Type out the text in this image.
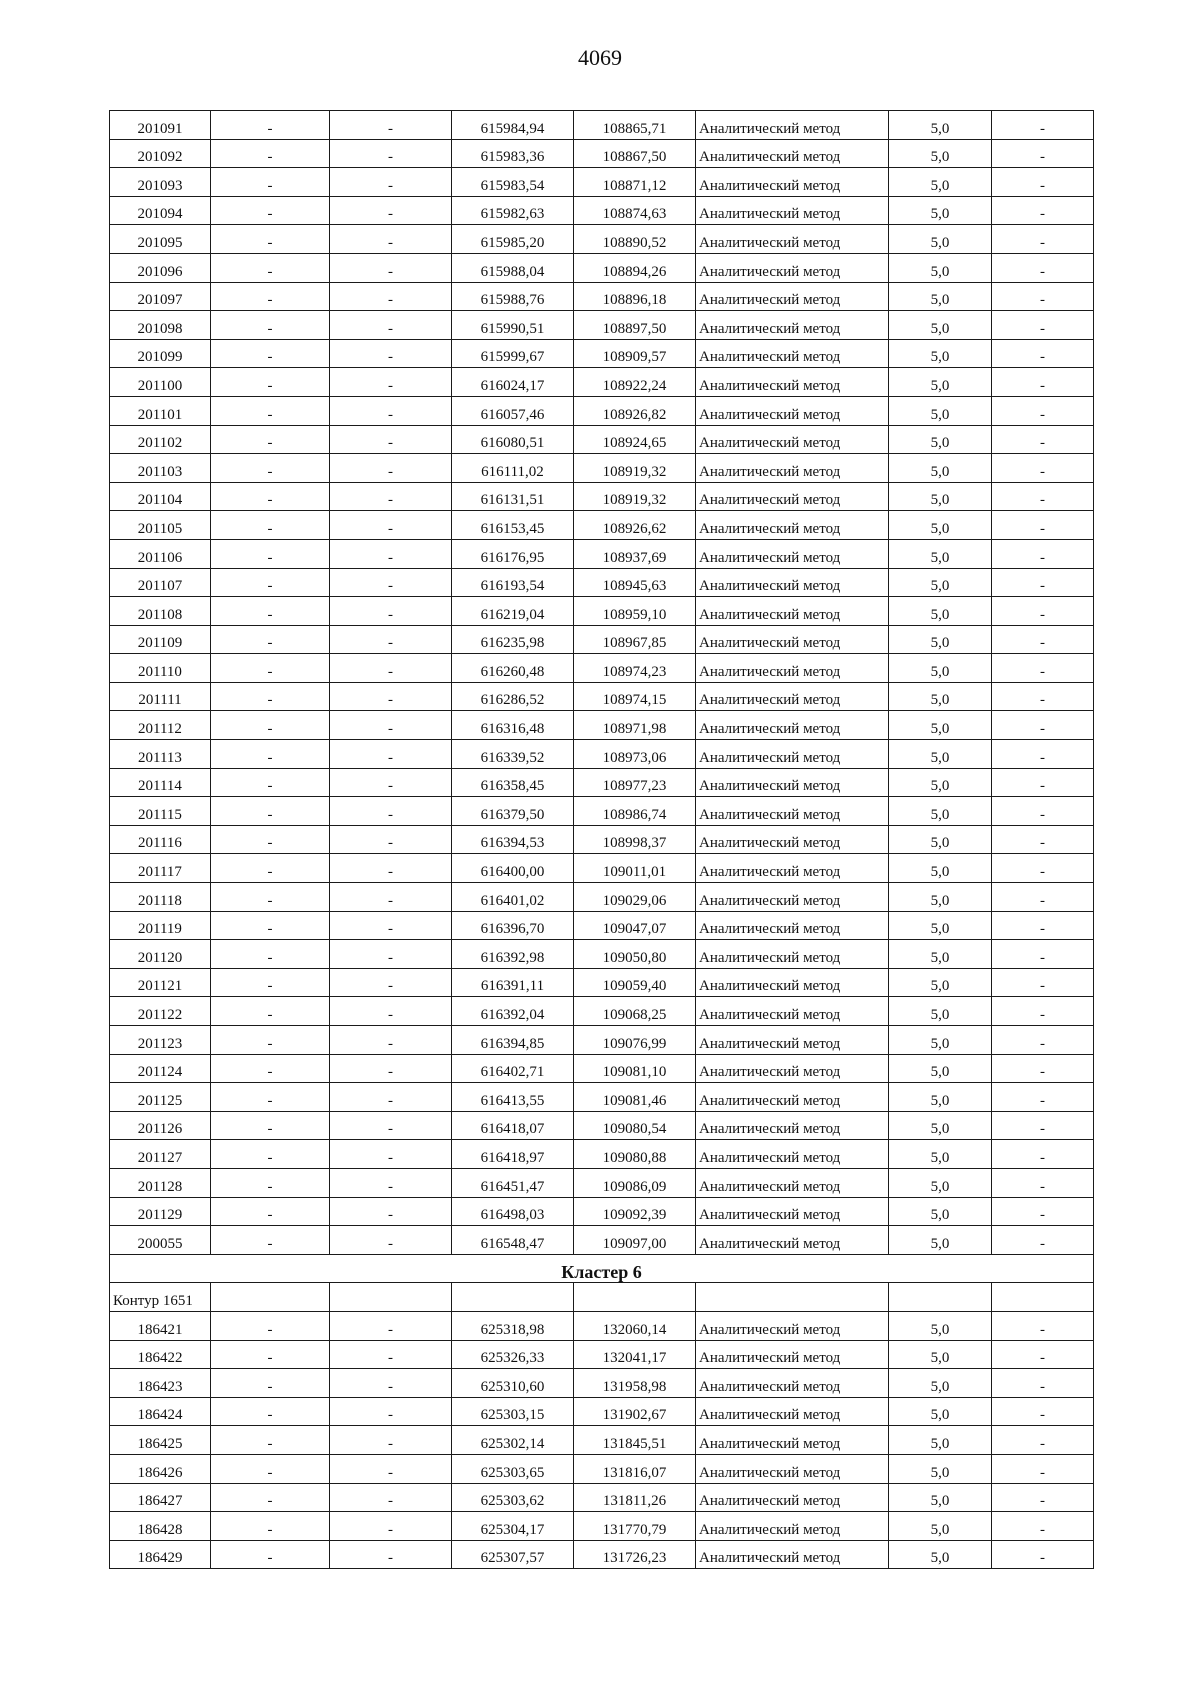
4069
201091	-	-	615984,94	108865,71	Аналитический метод	5,0	-
201092	-	-	615983,36	108867,50	Аналитический метод	5,0	-
201093	-	-	615983,54	108871,12	Аналитический метод	5,0	-
201094	-	-	615982,63	108874,63	Аналитический метод	5,0	-
201095	-	-	615985,20	108890,52	Аналитический метод	5,0	-
201096	-	-	615988,04	108894,26	Аналитический метод	5,0	-
201097	-	-	615988,76	108896,18	Аналитический метод	5,0	-
201098	-	-	615990,51	108897,50	Аналитический метод	5,0	-
201099	-	-	615999,67	108909,57	Аналитический метод	5,0	-
201100	-	-	616024,17	108922,24	Аналитический метод	5,0	-
201101	-	-	616057,46	108926,82	Аналитический метод	5,0	-
201102	-	-	616080,51	108924,65	Аналитический метод	5,0	-
201103	-	-	616111,02	108919,32	Аналитический метод	5,0	-
201104	-	-	616131,51	108919,32	Аналитический метод	5,0	-
201105	-	-	616153,45	108926,62	Аналитический метод	5,0	-
201106	-	-	616176,95	108937,69	Аналитический метод	5,0	-
201107	-	-	616193,54	108945,63	Аналитический метод	5,0	-
201108	-	-	616219,04	108959,10	Аналитический метод	5,0	-
201109	-	-	616235,98	108967,85	Аналитический метод	5,0	-
201110	-	-	616260,48	108974,23	Аналитический метод	5,0	-
201111	-	-	616286,52	108974,15	Аналитический метод	5,0	-
201112	-	-	616316,48	108971,98	Аналитический метод	5,0	-
201113	-	-	616339,52	108973,06	Аналитический метод	5,0	-
201114	-	-	616358,45	108977,23	Аналитический метод	5,0	-
201115	-	-	616379,50	108986,74	Аналитический метод	5,0	-
201116	-	-	616394,53	108998,37	Аналитический метод	5,0	-
201117	-	-	616400,00	109011,01	Аналитический метод	5,0	-
201118	-	-	616401,02	109029,06	Аналитический метод	5,0	-
201119	-	-	616396,70	109047,07	Аналитический метод	5,0	-
201120	-	-	616392,98	109050,80	Аналитический метод	5,0	-
201121	-	-	616391,11	109059,40	Аналитический метод	5,0	-
201122	-	-	616392,04	109068,25	Аналитический метод	5,0	-
201123	-	-	616394,85	109076,99	Аналитический метод	5,0	-
201124	-	-	616402,71	109081,10	Аналитический метод	5,0	-
201125	-	-	616413,55	109081,46	Аналитический метод	5,0	-
201126	-	-	616418,07	109080,54	Аналитический метод	5,0	-
201127	-	-	616418,97	109080,88	Аналитический метод	5,0	-
201128	-	-	616451,47	109086,09	Аналитический метод	5,0	-
201129	-	-	616498,03	109092,39	Аналитический метод	5,0	-
200055	-	-	616548,47	109097,00	Аналитический метод	5,0	-
Кластер 6							
Контур 1651							
186421	-	-	625318,98	132060,14	Аналитический метод	5,0	-
186422	-	-	625326,33	132041,17	Аналитический метод	5,0	-
186423	-	-	625310,60	131958,98	Аналитический метод	5,0	-
186424	-	-	625303,15	131902,67	Аналитический метод	5,0	-
186425	-	-	625302,14	131845,51	Аналитический метод	5,0	-
186426	-	-	625303,65	131816,07	Аналитический метод	5,0	-
186427	-	-	625303,62	131811,26	Аналитический метод	5,0	-
186428	-	-	625304,17	131770,79	Аналитический метод	5,0	-
186429	-	-	625307,57	131726,23	Аналитический метод	5,0	-
